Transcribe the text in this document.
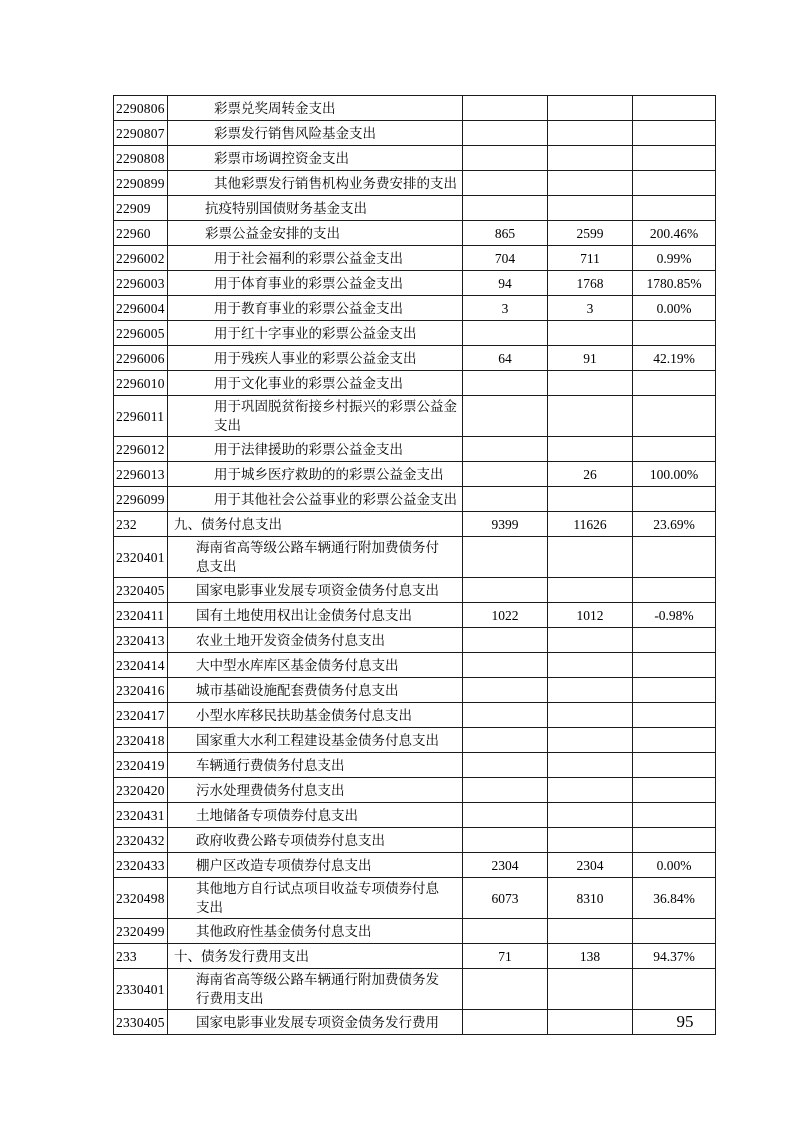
2290806	彩票兑奖周转金支出			
2290807	彩票发行销售风险基金支出			
2290808	彩票市场调控资金支出			
2290899	其他彩票发行销售机构业务费安排的支出			
22909	抗疫特别国债财务基金支出			
22960	彩票公益金安排的支出	865	2599	200.46%
2296002	用于社会福利的彩票公益金支出	704	711	0.99%
2296003	用于体育事业的彩票公益金支出	94	1768	1780.85%
2296004	用于教育事业的彩票公益金支出	3	3	0.00%
2296005	用于红十字事业的彩票公益金支出			
2296006	用于残疾人事业的彩票公益金支出	64	91	42.19%
2296010	用于文化事业的彩票公益金支出			
2296011	用于巩固脱贫衔接乡村振兴的彩票公益金支出			
2296012	用于法律援助的彩票公益金支出			
2296013	用于城乡医疗救助的的彩票公益金支出		26	100.00%
2296099	用于其他社会公益事业的彩票公益金支出			
232	九、债务付息支出	9399	11626	23.69%
2320401	海南省高等级公路车辆通行附加费债务付息支出			
2320405	国家电影事业发展专项资金债务付息支出			
2320411	国有土地使用权出让金债务付息支出	1022	1012	-0.98%
2320413	农业土地开发资金债务付息支出			
2320414	大中型水库库区基金债务付息支出			
2320416	城市基础设施配套费债务付息支出			
2320417	小型水库移民扶助基金债务付息支出			
2320418	国家重大水利工程建设基金债务付息支出			
2320419	车辆通行费债务付息支出			
2320420	污水处理费债务付息支出			
2320431	土地储备专项债券付息支出			
2320432	政府收费公路专项债券付息支出			
2320433	棚户区改造专项债券付息支出	2304	2304	0.00%
2320498	其他地方自行试点项目收益专项债券付息支出	6073	8310	36.84%
2320499	其他政府性基金债务付息支出			
233	十、债务发行费用支出	71	138	94.37%
2330401	海南省高等级公路车辆通行附加费债务发行费用支出			
2330405	国家电影事业发展专项资金债务发行费用				95
